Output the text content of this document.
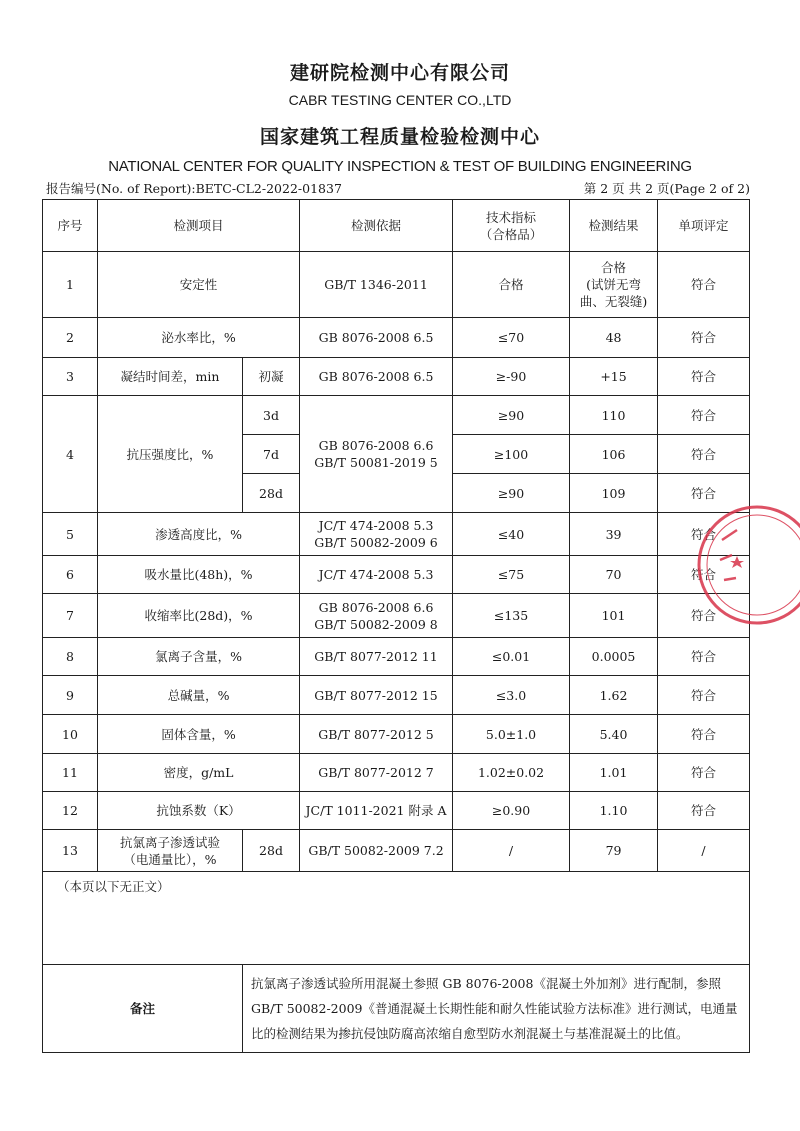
建研院检测中心有限公司
CABR TESTING CENTER CO.,LTD
国家建筑工程质量检验检测中心
NATIONAL CENTER FOR QUALITY INSPECTION & TEST OF BUILDING ENGINEERING
报告编号(No. of Report):BETC-CL2-2022-01837	第 2 页 共 2 页(Page 2 of 2)
序号	检测项目		检测依据	技术指标
（合格品）	检测结果	单项评定
1	安定性		GB/T 1346-2011	合格	合格
(试饼无弯
曲、无裂缝)	符合
2	泌水率比，%		GB 8076-2008 6.5	≤70	48	符合
3	凝结时间差，min	初凝	GB 8076-2008 6.5	≥-90	+15	符合
4	抗压强度比，%	3d	GB 8076-2008 6.6
GB/T 50081-2019 5	≥90	110	符合
		7d		≥100	106	符合
		28d		≥90	109	符合
5	渗透高度比，%		JC/T 474-2008 5.3
GB/T 50082-2009 6	≤40	39	符合
6	吸水量比(48h)，%		JC/T 474-2008 5.3	≤75	70	符合
7	收缩率比(28d)，%		GB 8076-2008 6.6
GB/T 50082-2009 8	≤135	101	符合
8	氯离子含量，%		GB/T 8077-2012 11	≤0.01	0.0005	符合
9	总碱量，%		GB/T 8077-2012 15	≤3.0	1.62	符合
10	固体含量，%		GB/T 8077-2012 5	5.0±1.0	5.40	符合
11	密度，g/mL		GB/T 8077-2012 7	1.02±0.02	1.01	符合
12	抗蚀系数（K）		JC/T 1011-2021 附录 A	≥0.90	1.10	符合
13	抗氯离子渗透试验
（电通量比），%	28d	GB/T 50082-2009 7.2	/	79	/
（本页以下无正文）						
备注		抗氯离子渗透试验所用混凝土参照 GB 8076-2008《混凝土外加剂》进行配制，参照 GB/T 50082-2009《普通混凝土长期性能和耐久性能试验方法标准》进行测试，电通量比的检测结果为掺抗侵蚀防腐高浓缩自愈型防水剂混凝土与基准混凝土的比值。				
